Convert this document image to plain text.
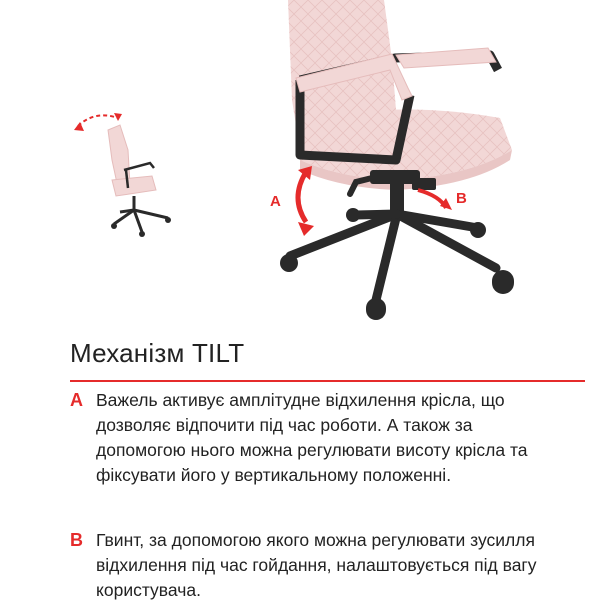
A	B
Механізм TILT
A Важель активує амплітудне відхилення крісла, що дозволяє відпочити під час роботи. А також за допомогою нього можна регулювати висоту крісла та фіксувати його у вертикальному положенні.

B Гвинт, за допомогою якого можна регулювати зусилля відхилення під час гойдання, налаштовується під вагу користувача.
